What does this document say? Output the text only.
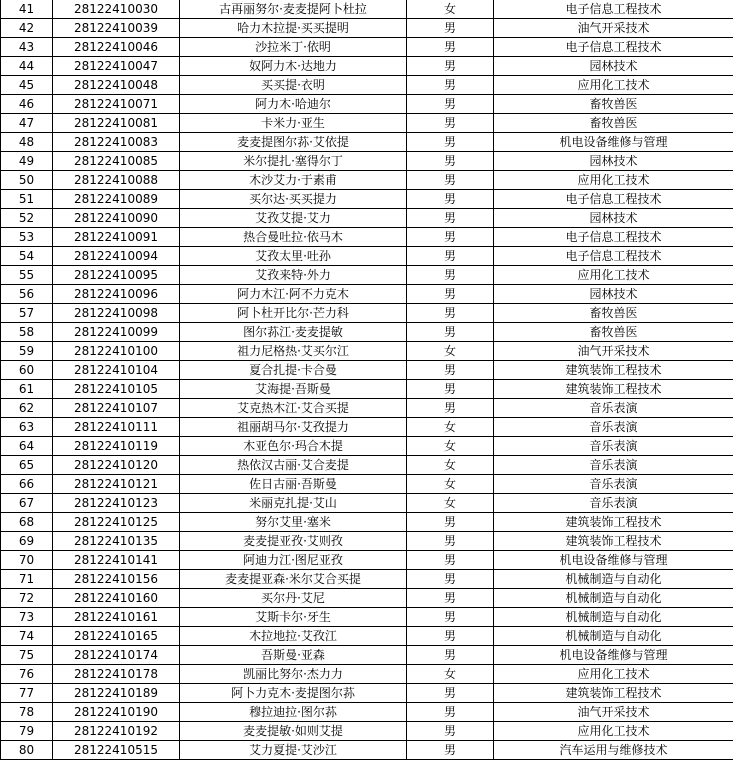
41	28122410030	古再丽努尔·麦麦提阿卜杜拉	女	电子信息工程技术
42	28122410039	哈力木拉提·买买提明	男	油气开采技术
43	28122410046	沙拉米丁·依明	男	电子信息工程技术
44	28122410047	奴阿力木·达地力	男	园林技术
45	28122410048	买买提·衣明	男	应用化工技术
46	28122410071	阿力木·哈迪尔	男	畜牧兽医
47	28122410081	卡米力·亚生	男	畜牧兽医
48	28122410083	麦麦提图尔荪·艾依提	男	机电设备维修与管理
49	28122410085	米尔提扎·塞得尔丁	男	园林技术
50	28122410088	木沙艾力·于素甫	男	应用化工技术
51	28122410089	买尔达·买买提力	男	电子信息工程技术
52	28122410090	艾孜艾提·艾力	男	园林技术
53	28122410091	热合曼吐拉·依马木	男	电子信息工程技术
54	28122410094	艾孜太里·吐孙	男	电子信息工程技术
55	28122410095	艾孜来特·外力	男	应用化工技术
56	28122410096	阿力木江·阿不力克木	男	园林技术
57	28122410098	阿卜杜开比尔·芒力科	男	畜牧兽医
58	28122410099	图尔荪江·麦麦提敏	男	畜牧兽医
59	28122410100	祖力尼格热·艾买尔江	女	油气开采技术
60	28122410104	夏合扎提·卡合曼	男	建筑装饰工程技术
61	28122410105	艾海提·吾斯曼	男	建筑装饰工程技术
62	28122410107	艾克热木江·艾合买提	男	音乐表演
63	28122410111	祖丽胡马尔·艾孜提力	女	音乐表演
64	28122410119	木亚色尔·玛合木提	女	音乐表演
65	28122410120	热依汉古丽·艾合麦提	女	音乐表演
66	28122410121	佐日古丽·吾斯曼	女	音乐表演
67	28122410123	米丽克扎提·艾山	女	音乐表演
68	28122410125	努尔艾里·塞米	男	建筑装饰工程技术
69	28122410135	麦麦提亚孜·艾则孜	男	建筑装饰工程技术
70	28122410141	阿迪力江·图尼亚孜	男	机电设备维修与管理
71	28122410156	麦麦提亚森·米尔艾合买提	男	机械制造与自动化
72	28122410160	买尔丹·艾尼	男	机械制造与自动化
73	28122410161	艾斯卡尔·牙生	男	机械制造与自动化
74	28122410165	木拉地拉·艾孜江	男	机械制造与自动化
75	28122410174	吾斯曼·亚森	男	机电设备维修与管理
76	28122410178	凯丽比努尔·杰力力	女	应用化工技术
77	28122410189	阿卜力克木·麦提图尔荪	男	建筑装饰工程技术
78	28122410190	穆拉迪拉·图尔荪	男	油气开采技术
79	28122410192	麦麦提敏·如则艾提	男	应用化工技术
80	28122410515	艾力夏提·艾沙江	男	汽车运用与维修技术
